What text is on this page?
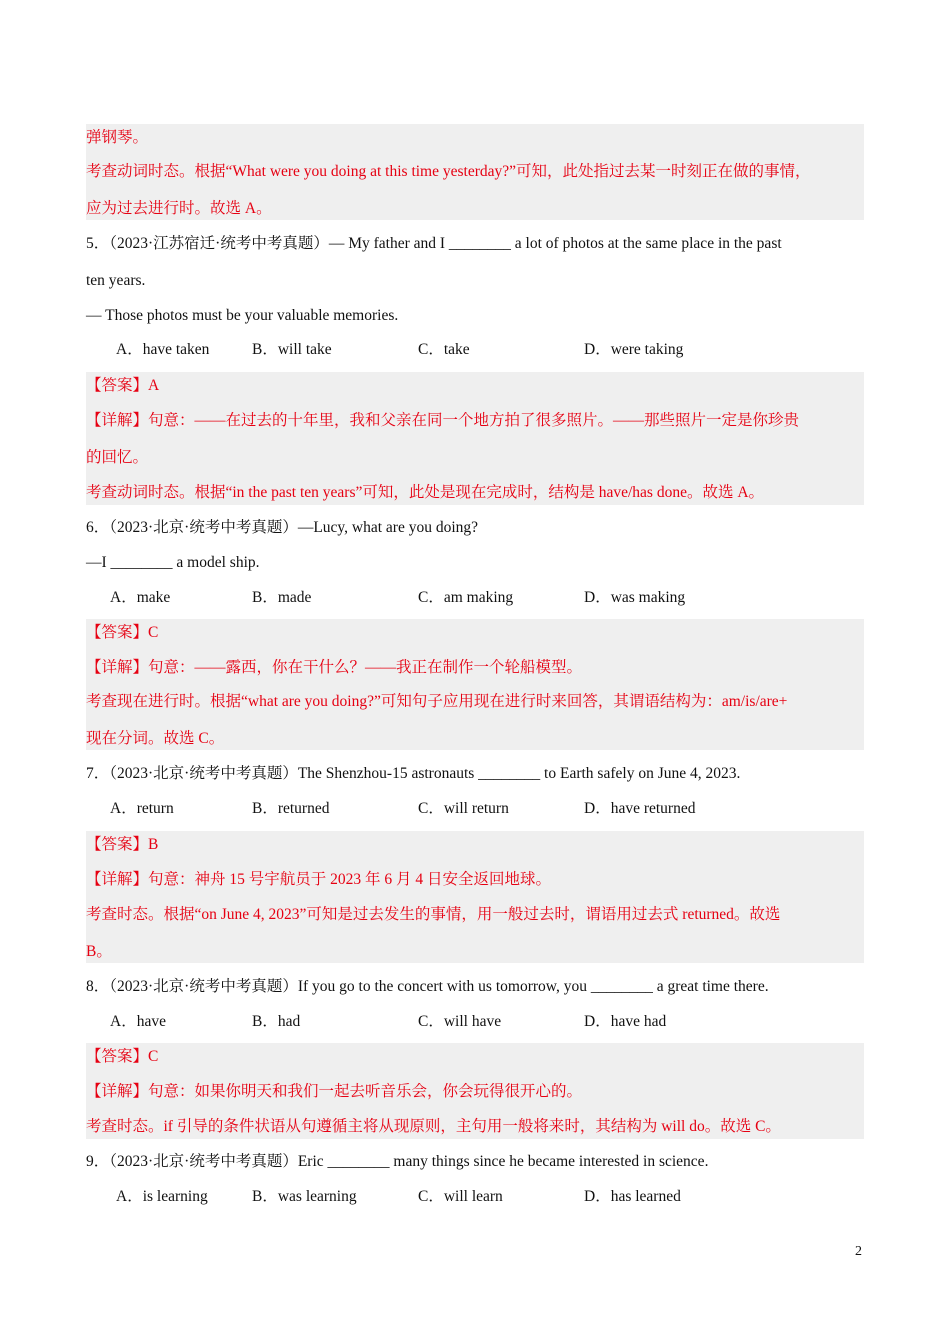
弹钢琴。
考查动词时态。根据“What were you doing at this time yesterday?”可知，此处指过去某一时刻正在做的事情，
应为过去进行时。故选 A。
5．（2023·江苏宿迁·统考中考真题）— My father and I ________ a lot of photos at the same place in the past
ten years.
— Those photos must be your valuable memories.
A．have taken	B．will take	C．take	D．were taking
【答案】A
【详解】句意：——在过去的十年里，我和父亲在同一个地方拍了很多照片。——那些照片一定是你珍贵
的回忆。
考查动词时态。根据“in the past ten years”可知，此处是现在完成时，结构是 have/has done。故选 A。
6．（2023·北京·统考中考真题）—Lucy, what are you doing?
—I ________ a model ship.
A．make	B．made	C．am making	D．was making
【答案】C
【详解】句意：——露西，你在干什么？——我正在制作一个轮船模型。
考查现在进行时。根据“what are you doing?”可知句子应用现在进行时来回答，其谓语结构为：am/is/are+
现在分词。故选 C。
7．（2023·北京·统考中考真题）The Shenzhou-15 astronauts ________ to Earth safely on June 4, 2023.
A．return	B．returned	C．will return	D．have returned
【答案】B
【详解】句意：神舟 15 号宇航员于 2023 年 6 月 4 日安全返回地球。
考查时态。根据“on June 4, 2023”可知是过去发生的事情，用一般过去时，谓语用过去式 returned。故选
B。
8．（2023·北京·统考中考真题）If you go to the concert with us tomorrow, you ________ a great time there.
A．have	B．had	C．will have	D．have had
【答案】C
【详解】句意：如果你明天和我们一起去听音乐会，你会玩得很开心的。
考查时态。if 引导的条件状语从句遵循主将从现原则，主句用一般将来时，其结构为 will do。故选 C。
9．（2023·北京·统考中考真题）Eric ________ many things since he became interested in science.
A．is learning	B．was learning	C．will learn	D．has learned
2
